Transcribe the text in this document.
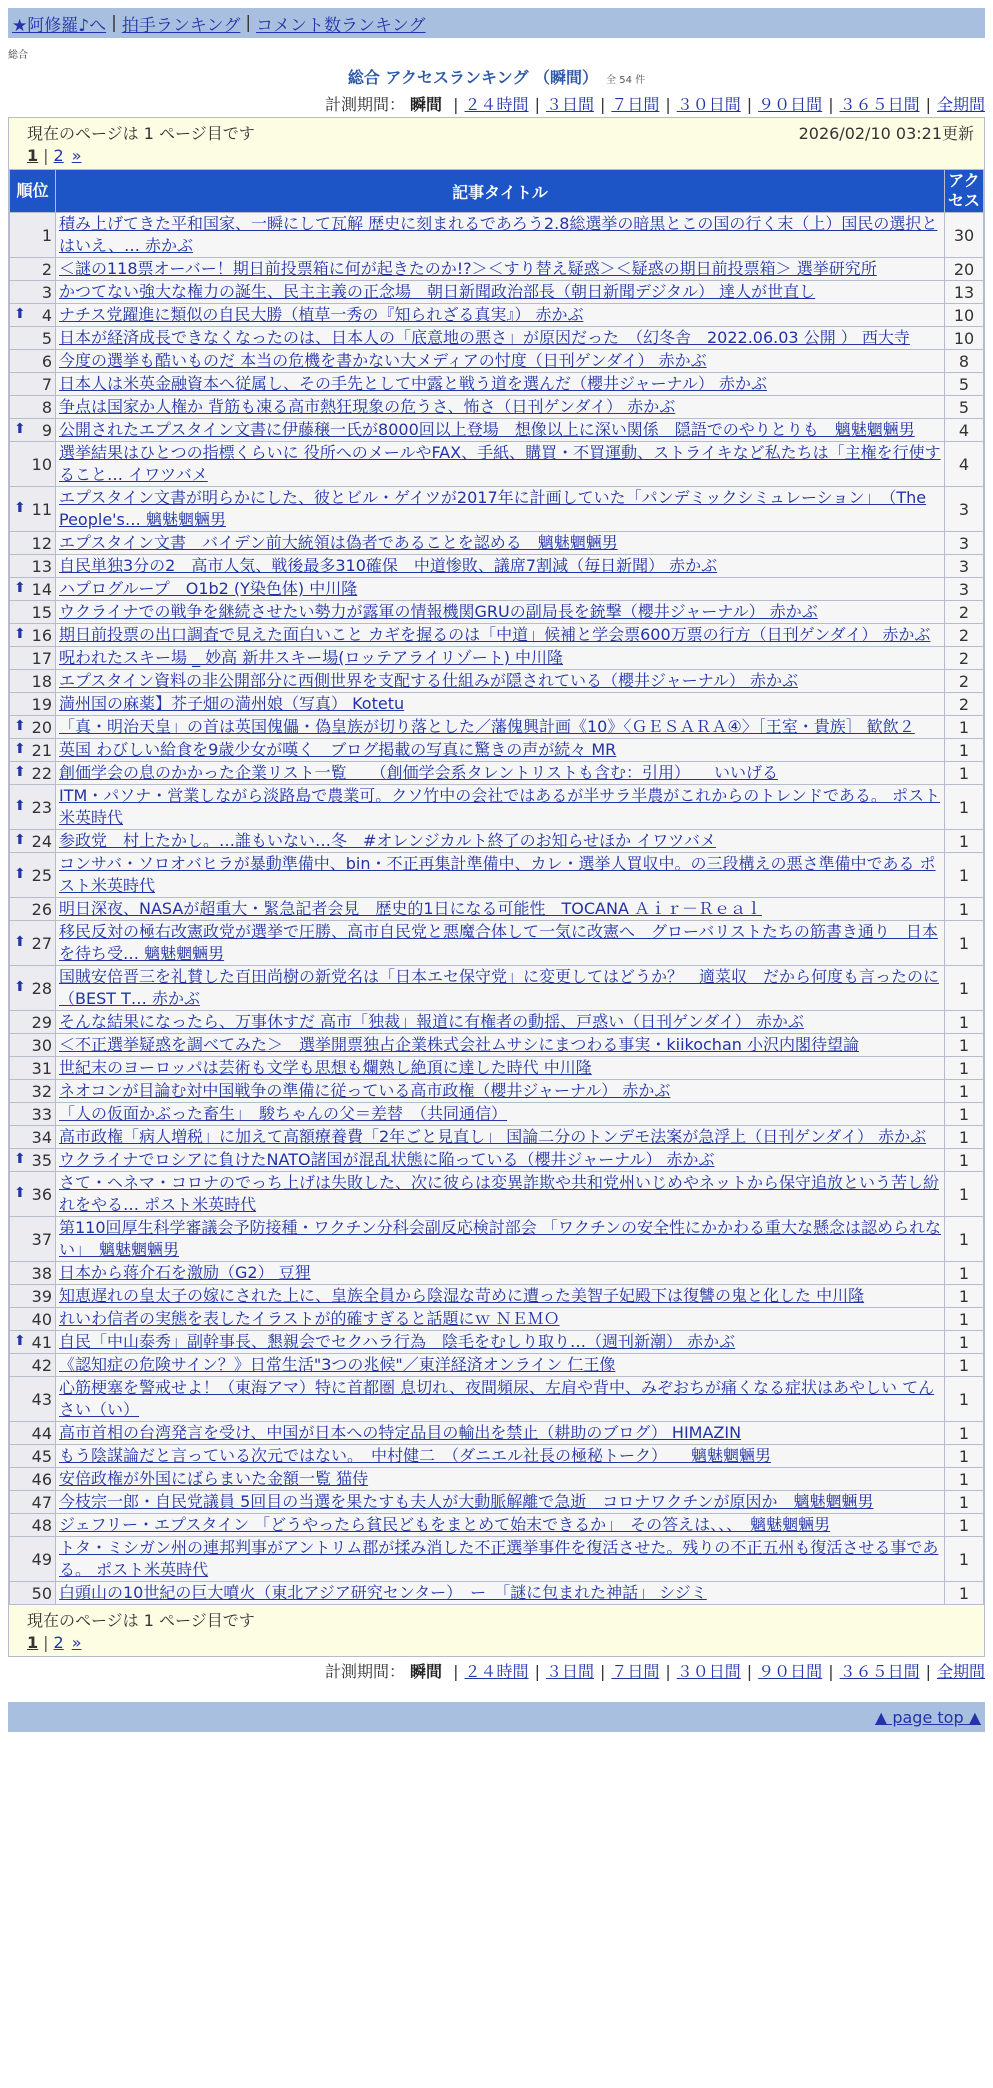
★阿修羅♪へ | 拍手ランキング | コメント数ランキング
総合
総合 アクセスランキング （瞬間） 全 54 件
計測期間： 瞬間 | ２４時間 | ３日間 | ７日間 | ３０日間 | ９０日間 | ３６５日間 | 全期間
現在のページは 1 ページ目です	2026/02/10 03:21更新
1 | 2 »
順位	記事タイトル	アクセス
1	積み上げてきた平和国家、一瞬にして瓦解 歴史に刻まれるであろう2.8総選挙の暗黒とこの国の行く末（上）国民の選択とはいえ、… 赤かぶ	30
2	＜謎の118票オーバー！期日前投票箱に何が起きたのか!?＞＜すり替え疑惑＞＜疑惑の期日前投票箱＞ 選挙研究所	20
3	かつてない強大な権力の誕生、民主主義の正念場　朝日新聞政治部長（朝日新聞デジタル） 達人が世直し	13

⬆ 4	ナチス党躍進に類似の自民大勝（植草一秀の『知られざる真実』） 赤かぶ	10
5	日本が経済成長できなくなったのは、日本人の「底意地の悪さ」が原因だった　（幻冬舎　2022.06.03 公開 ） 西大寺	10
6	今度の選挙も酷いものだ 本当の危機を書かない大メディアの忖度（日刊ゲンダイ） 赤かぶ	8
7	日本人は米英金融資本へ従属し、その手先として中露と戦う道を選んだ（櫻井ジャーナル） 赤かぶ	5
8	争点は国家か人権か 背筋も凍る高市熱狂現象の危うさ、怖さ（日刊ゲンダイ） 赤かぶ	5

⬆ 9	公開されたエプスタイン文書に伊藤穣一氏が8000回以上登場　想像以上に深い関係　隠語でのやりとりも　魑魅魍魎男	4
10	選挙結果はひとつの指標くらいに 役所へのメールやFAX、手紙、購買・不買運動、ストライキなど私たちは「主権を行使すること… イワツバメ	4

⬆ 11	エプスタイン文書が明らかにした、彼とビル・ゲイツが2017年に計画していた「パンデミックシミュレーション」　（The People's… 魑魅魍魎男	3
12	エプスタイン文書　バイデン前大統領は偽者であることを認める　魑魅魍魎男	3
13	自民単独3分の2　高市人気、戦後最多310確保　中道惨敗、議席7割減（毎日新聞） 赤かぶ	3

⬆ 14	ハプログループ　O1b2 (Y染色体) 中川隆	3
15	ウクライナでの戦争を継続させたい勢力が露軍の情報機関GRUの副局長を銃撃（櫻井ジャーナル） 赤かぶ	2

⬆ 16	期日前投票の出口調査で見えた面白いこと カギを握るのは「中道」候補と学会票600万票の行方（日刊ゲンダイ） 赤かぶ	2
17	呪われたスキー場 _ 妙高 新井スキー場(ロッテアライリゾート) 中川隆	2
18	エプスタイン資料の非公開部分に西側世界を支配する仕組みが隠されている（櫻井ジャーナル） 赤かぶ	2
19	満州国の麻薬】芥子畑の満州娘（写真） Kotetu	2

⬆ 20	「真・明治天皇」の首は英国傀儡・偽皇族が切り落とした／藩傀興計画《10》〈ＧＥＳＡＲＡ④〉［王室・貴族］ 歓飲２	1

⬆ 21	英国 わびしい給食を9歳少女が嘆く　ブログ掲載の写真に驚きの声が続々 MR	1

⬆ 22	創価学会の息のかかった企業リスト一覧　　（創価学会系タレントリストも含む：引用）　　いいげる	1

⬆ 23	ITM・パソナ・営業しながら淡路島で農業可。クソ竹中の会社ではあるが半サラ半農がこれからのトレンドである。 ポスト米英時代	1

⬆ 24	参政党　村上たかし。…誰もいない…冬　#オレンジカルト終了のお知らせほか イワツバメ	1

⬆ 25	コンサバ・ソロオバヒラが暴動準備中、bin・不正再集計準備中、カレ・選挙人買収中。の三段構えの悪さ準備中である ポスト米英時代	1
26	明日深夜、NASAが超重大・緊急記者会見　歴史的1日になる可能性　TOCANA Ａｉｒ－Ｒｅａｌ	1

⬆ 27	移民反対の極右改憲政党が選挙で圧勝、高市自民党と悪魔合体して一気に改憲へ　グローバリストたちの筋書き通り　日本を待ち受… 魑魅魍魎男	1

⬆ 28	国賊安倍晋三を礼賛した百田尚樹の新党名は「日本エセ保守党」に変更してはどうか？　適菜収　だから何度も言ったのに（BEST T… 赤かぶ	1
29	そんな結果になったら、万事休すだ 高市「独裁」報道に有権者の動揺、戸惑い（日刊ゲンダイ） 赤かぶ	1
30	＜不正選挙疑惑を調べてみた＞　選挙開票独占企業株式会社ムサシにまつわる事実・kiikochan 小沢内閣待望論	1
31	世紀末のヨーロッパは芸術も文学も思想も爛熟し絶頂に達した時代 中川隆	1
32	ネオコンが目論む対中国戦争の準備に従っている高市政権（櫻井ジャーナル） 赤かぶ	1
33	「人の仮面かぶった畜生」　駿ちゃんの父＝差替　（共同通信）	1
34	高市政権「病人増税」に加えて高額療養費「2年ごと見直し」 国論二分のトンデモ法案が急浮上（日刊ゲンダイ） 赤かぶ	1

⬆ 35	ウクライナでロシアに負けたNATO諸国が混乱状態に陥っている（櫻井ジャーナル） 赤かぶ	1

⬆ 36	さて・ヘネマ・コロナのでっち上げは失敗した、次に彼らは変異詐欺や共和党州いじめやネットから保守追放という苦し紛れをやる… ポスト米英時代	1
37	第110回厚生科学審議会予防接種・ワクチン分科会副反応検討部会 「ワクチンの安全性にかかわる重大な懸念は認められない」　魑魅魍魎男	1
38	日本から蒋介石を激励（G2） 豆狸	1
39	知恵遅れの皇太子の嫁にされた上に、皇族全員から陰湿な苛めに遭った美智子妃殿下は復讐の鬼と化した 中川隆	1
40	れいわ信者の実態を表したイラストが的確すぎると話題にｗ ＮＥＭＯ	1

⬆ 41	自民「中山泰秀」副幹事長、懇親会でセクハラ行為　陰毛をむしり取り…（週刊新潮） 赤かぶ	1
42	《認知症の危険サイン？》日常生活"3つの兆候"／東洋経済オンライン 仁王像	1
43	心筋梗塞を警戒せよ！（東海アマ）特に首都圏 息切れ、夜間頻尿、左肩や背中、みぞおちが痛くなる症状はあやしい てんさい（い）	1
44	高市首相の台湾発言を受け、中国が日本への特定品目の輸出を禁止（耕助のブログ） HIMAZIN	1
45	もう陰謀論だと言っている次元ではない。　中村健二　（ダニエル社長の極秘トーク）　　魑魅魍魎男	1
46	安倍政権が外国にばらまいた金額一覧 猫侍	1
47	今枝宗一郎・自民党議員 5回目の当選を果たすも夫人が大動脈解離で急逝　コロナワクチンが原因か　魑魅魍魎男	1
48	ジェフリー・エプスタイン 「どうやったら貧民どもをまとめて始末できるか」　その答えは、、、　魑魅魍魎男	1
49	トタ・ミシガン州の連邦判事がアントリム郡が揉み消した不正選挙事件を復活させた。残りの不正五州も復活させる事である。 ポスト米英時代	1
50	白頭山の10世紀の巨大噴火（東北アジア研究センター）　ー　「謎に包まれた神話」 シジミ	1
現在のページは 1 ページ目です
1 | 2 »
計測期間： 瞬間 | ２４時間 | ３日間 | ７日間 | ３０日間 | ９０日間 | ３６５日間 | 全期間
▲ page top ▲
